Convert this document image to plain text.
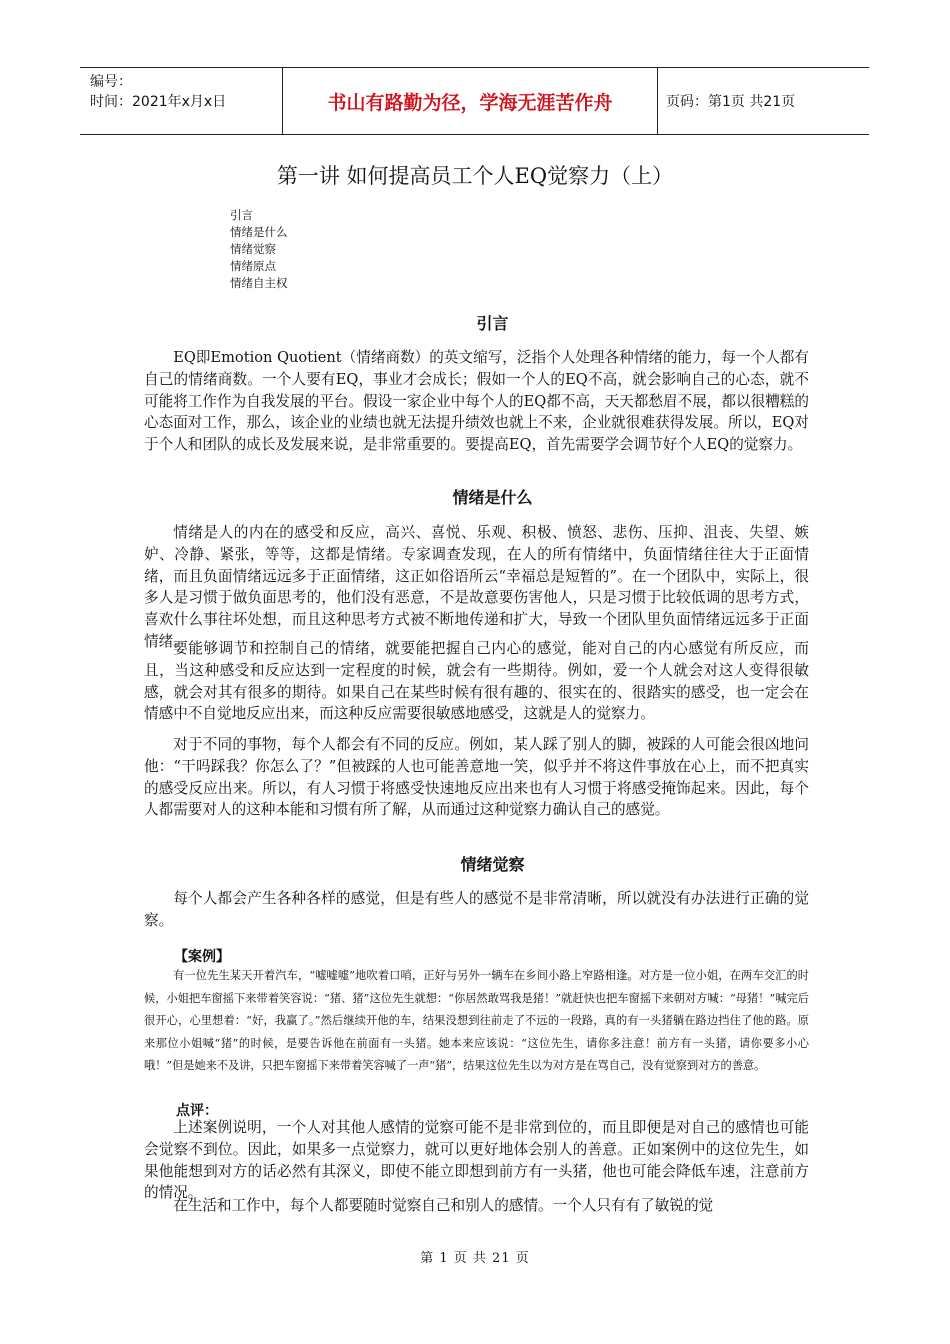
编号：
时间：2021年x月x日	书山有路勤为径，学海无涯苦作舟	页码：第1页 共21页
第一讲 如何提高员工个人EQ觉察力（上）
引言
情绪是什么
情绪觉察
情绪原点
情绪自主权
引言

EQ即Emotion Quotient（情绪商数）的英文缩写，泛指个人处理各种情绪的能力，每一个人都有自己的情绪商数。一个人要有EQ，事业才会成长；假如一个人的EQ不高，就会影响自己的心态，就不可能将工作作为自我发展的平台。假设一家企业中每个人的EQ都不高，天天都愁眉不展，都以很糟糕的心态面对工作，那么，该企业的业绩也就无法提升绩效也就上不来，企业就很难获得发展。所以，EQ对于个人和团队的成长及发展来说，是非常重要的。要提高EQ，首先需要学会调节好个人EQ的觉察力。

情绪是什么

情绪是人的内在的感受和反应，高兴、喜悦、乐观、积极、愤怒、悲伤、压抑、沮丧、失望、嫉妒、冷静、紧张，等等，这都是情绪。专家调查发现，在人的所有情绪中，负面情绪往往大于正面情绪，而且负面情绪远远多于正面情绪，这正如俗语所云“幸福总是短暂的”。在一个团队中，实际上，很多人是习惯于做负面思考的，他们没有恶意，不是故意要伤害他人，只是习惯于比较低调的思考方式，喜欢什么事往坏处想，而且这种思考方式被不断地传递和扩大，导致一个团队里负面情绪远远多于正面情绪。

要能够调节和控制自己的情绪，就要能把握自己内心的感觉，能对自己的内心感觉有所反应，而且，当这种感受和反应达到一定程度的时候，就会有一些期待。例如，爱一个人就会对这人变得很敏感，就会对其有很多的期待。如果自己在某些时候有很有趣的、很实在的、很踏实的感受，也一定会在情感中不自觉地反应出来，而这种反应需要很敏感地感受，这就是人的觉察力。

对于不同的事物，每个人都会有不同的反应。例如，某人踩了别人的脚，被踩的人可能会很凶地问他：“干吗踩我？你怎么了？”但被踩的人也可能善意地一笑，似乎并不将这件事放在心上，而不把真实的感受反应出来。所以，有人习惯于将感受快速地反应出来也有人习惯于将感受掩饰起来。因此，每个人都需要对人的这种本能和习惯有所了解，从而通过这种觉察力确认自己的感觉。

情绪觉察

每个人都会产生各种各样的感觉，但是有些人的感觉不是非常清晰，所以就没有办法进行正确的觉察。

【案例】

有一位先生某天开着汽车，“嘘嘘嘘”地吹着口哨，正好与另外一辆车在乡间小路上窄路相逢。对方是一位小姐，在两车交汇的时候，小姐把车窗摇下来带着笑容说：“猪、猪”这位先生就想：“你居然敢骂我是猪！”就赶快也把车窗摇下来朝对方喊：“母猪！”喊完后很开心，心里想着：“好，我赢了。”然后继续开他的车，结果没想到往前走了不远的一段路，真的有一头猪躺在路边挡住了他的路。原来那位小姐喊“猪”的时候，是要告诉他在前面有一头猪。她本来应该说：“这位先生，请你多注意！前方有一头猪，请你要多小心哦！”但是她来不及讲，只把车窗摇下来带着笑容喊了一声“猪”，结果这位先生以为对方是在骂自己，没有觉察到对方的善意。

点评：

上述案例说明，一个人对其他人感情的觉察可能不是非常到位的，而且即便是对自己的感情也可能会觉察不到位。因此，如果多一点觉察力，就可以更好地体会别人的善意。正如案例中的这位先生，如果他能想到对方的话必然有其深义，即使不能立即想到前方有一头猪，他也可能会降低车速，注意前方的情况。

在生活和工作中，每个人都要随时觉察自己和别人的感情。一个人只有有了敏锐的觉

第 1 页 共 21 页
